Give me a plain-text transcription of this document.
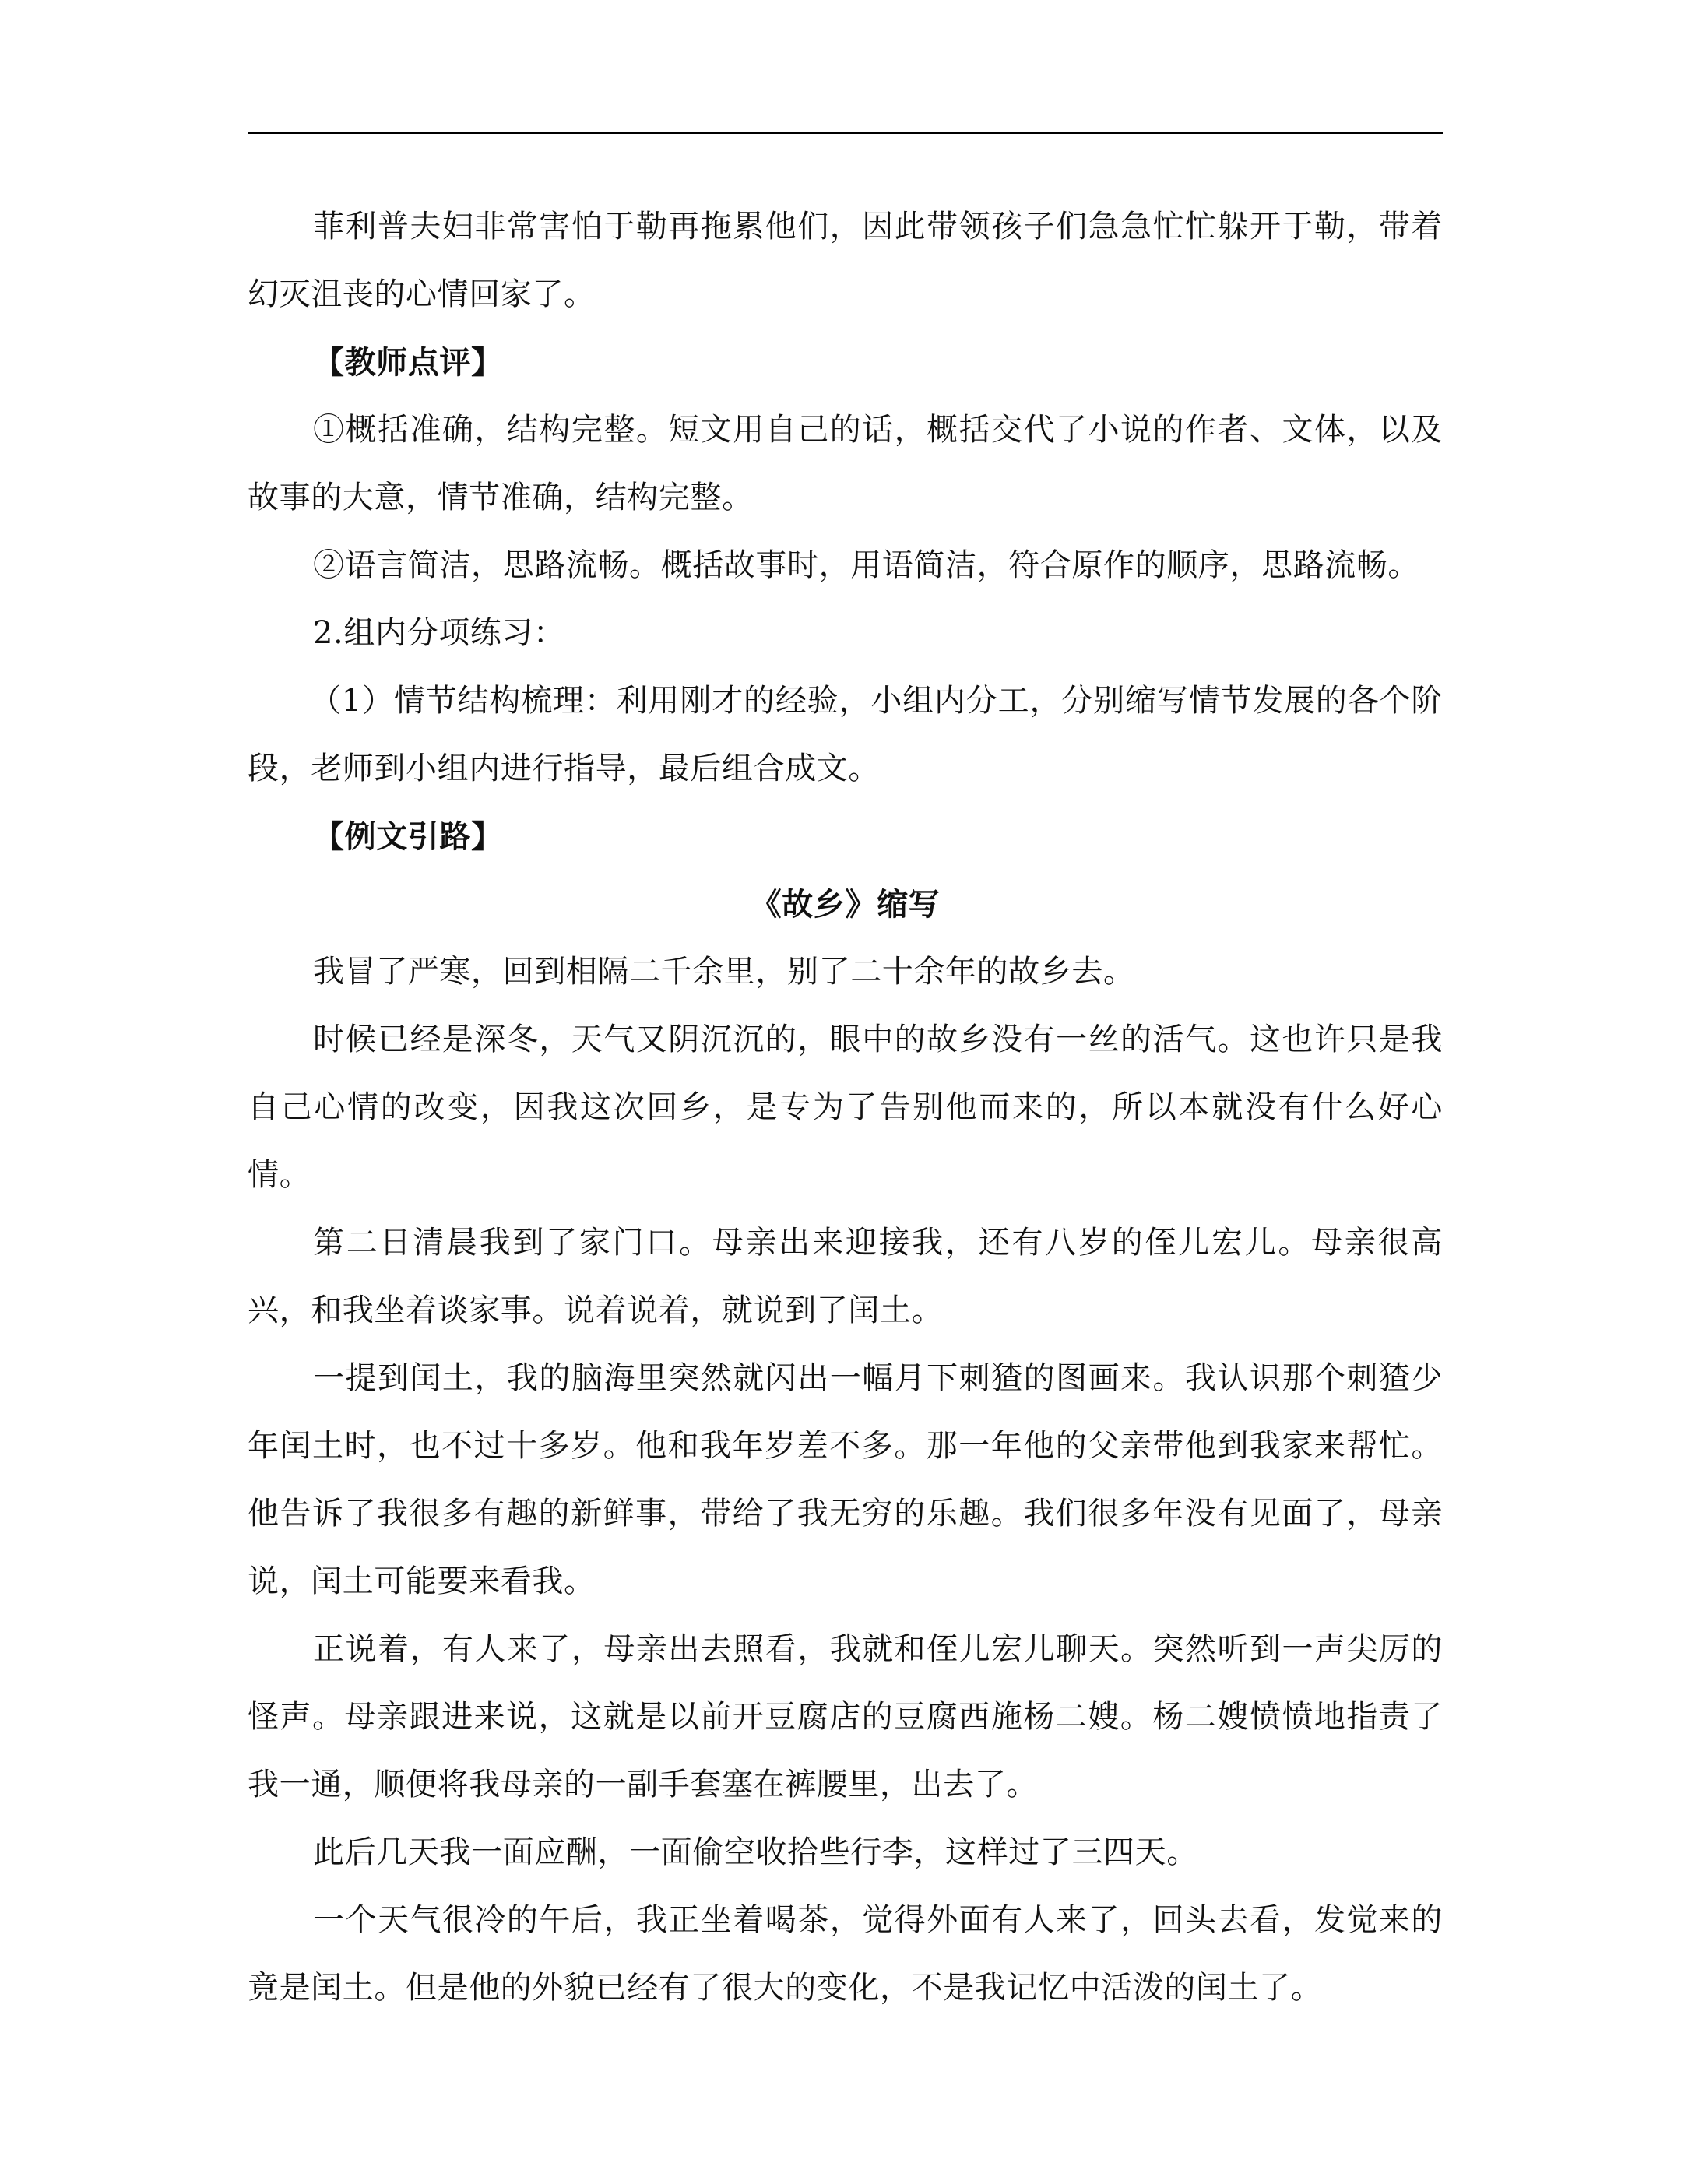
菲利普夫妇非常害怕于勒再拖累他们，因此带领孩子们急急忙忙躲开于勒，带着幻灭沮丧的心情回家了。

【教师点评】

①概括准确，结构完整。短文用自己的话，概括交代了小说的作者、文体，以及故事的大意，情节准确，结构完整。

②语言简洁，思路流畅。概括故事时，用语简洁，符合原作的顺序，思路流畅。

2.组内分项练习：

（1）情节结构梳理：利用刚才的经验，小组内分工，分别缩写情节发展的各个阶段，老师到小组内进行指导，最后组合成文。

【例文引路】

《故乡》缩写

我冒了严寒，回到相隔二千余里，别了二十余年的故乡去。

时候已经是深冬，天气又阴沉沉的，眼中的故乡没有一丝的活气。这也许只是我自己心情的改变，因我这次回乡，是专为了告别他而来的，所以本就没有什么好心情。

第二日清晨我到了家门口。母亲出来迎接我，还有八岁的侄儿宏儿。母亲很高兴，和我坐着谈家事。说着说着，就说到了闰土。

一提到闰土，我的脑海里突然就闪出一幅月下刺猹的图画来。我认识那个刺猹少年闰土时，也不过十多岁。他和我年岁差不多。那一年他的父亲带他到我家来帮忙。他告诉了我很多有趣的新鲜事，带给了我无穷的乐趣。我们很多年没有见面了，母亲说，闰土可能要来看我。

正说着，有人来了，母亲出去照看，我就和侄儿宏儿聊天。突然听到一声尖厉的怪声。母亲跟进来说，这就是以前开豆腐店的豆腐西施杨二嫂。杨二嫂愤愤地指责了我一通，顺便将我母亲的一副手套塞在裤腰里，出去了。

此后几天我一面应酬，一面偷空收拾些行李，这样过了三四天。

一个天气很冷的午后，我正坐着喝茶，觉得外面有人来了，回头去看，发觉来的竟是闰土。但是他的外貌已经有了很大的变化，不是我记忆中活泼的闰土了。
